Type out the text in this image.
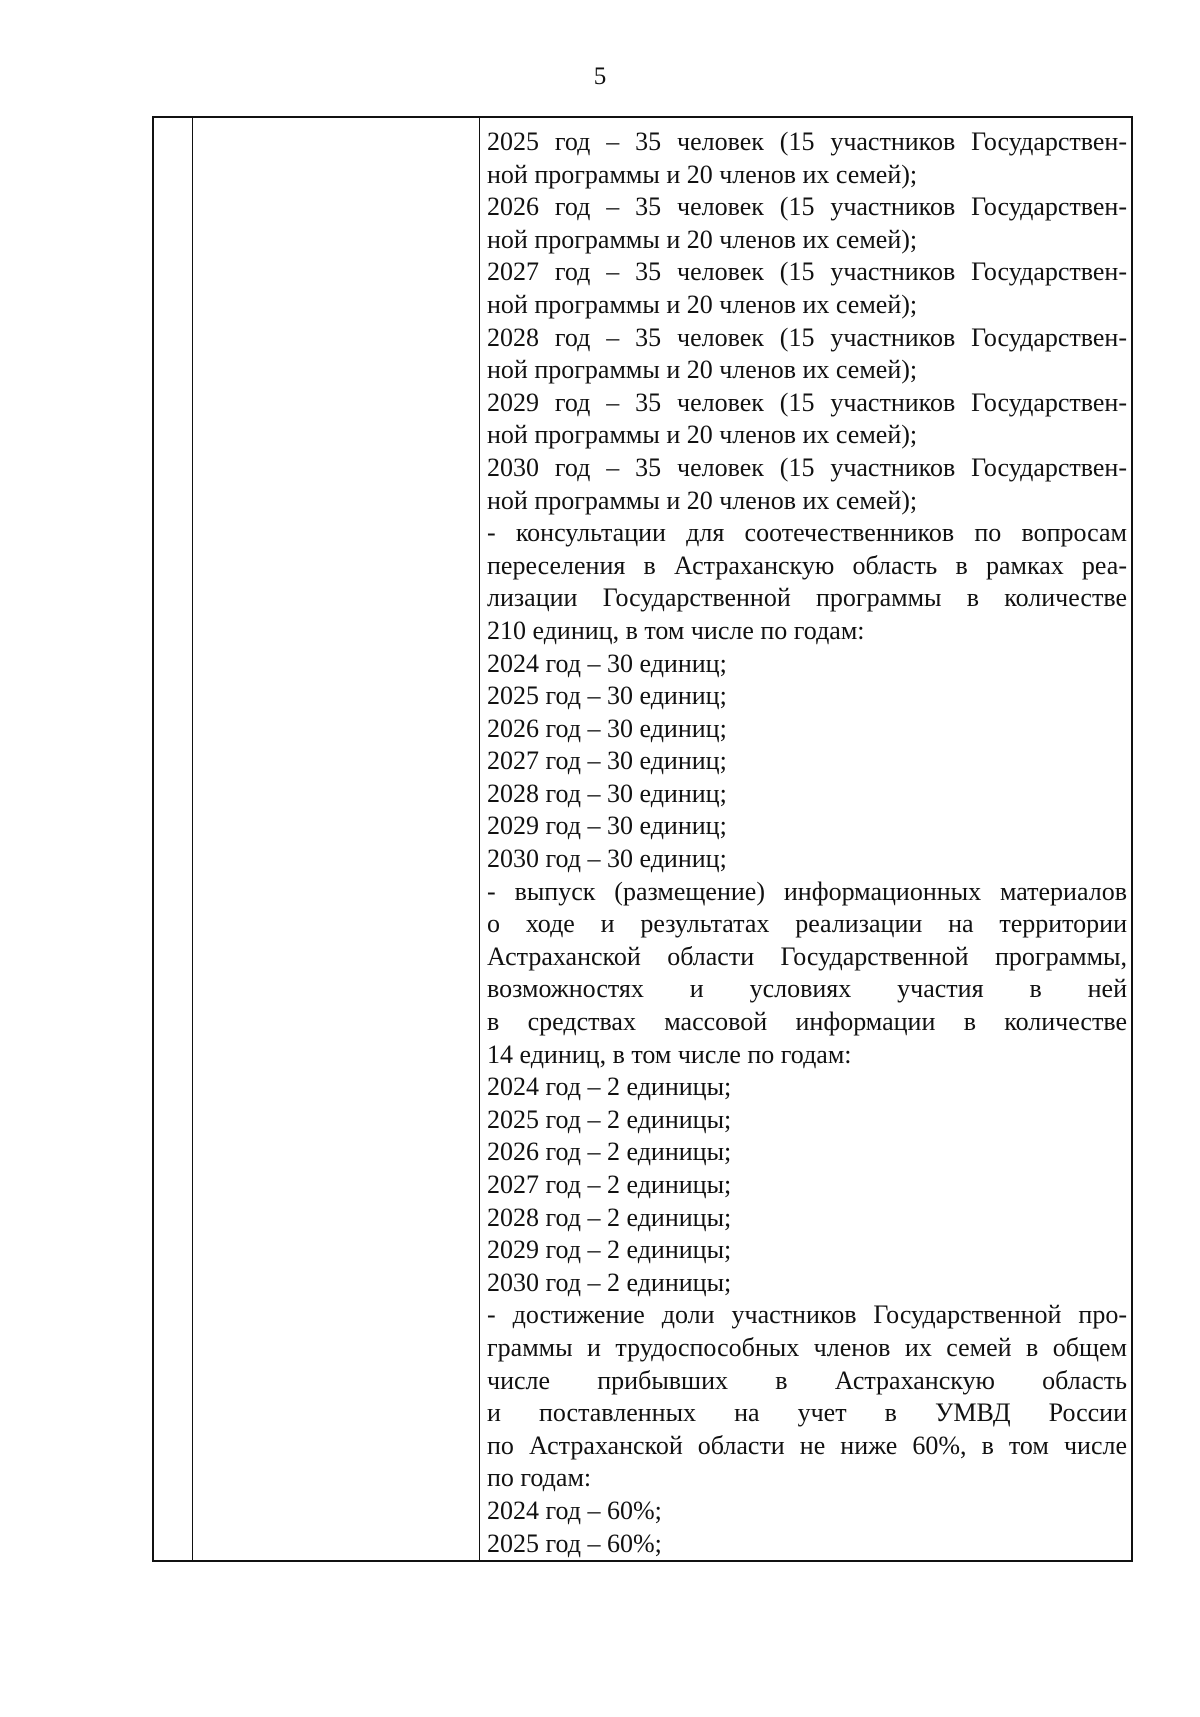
5
2025 год – 35 человек (15 участников Государствен-
ной программы и 20 членов их семей);
2026 год – 35 человек (15 участников Государствен-
ной программы и 20 членов их семей);
2027 год – 35 человек (15 участников Государствен-
ной программы и 20 членов их семей);
2028 год – 35 человек (15 участников Государствен-
ной программы и 20 членов их семей);
2029 год – 35 человек (15 участников Государствен-
ной программы и 20 членов их семей);
2030 год – 35 человек (15 участников Государствен-
ной программы и 20 членов их семей);
- консультации для соотечественников по вопросам
переселения в Астраханскую область в рамках реа-
лизации Государственной программы в количестве
210 единиц, в том числе по годам:
2024 год – 30 единиц;
2025 год – 30 единиц;
2026 год – 30 единиц;
2027 год – 30 единиц;
2028 год – 30 единиц;
2029 год – 30 единиц;
2030 год – 30 единиц;
- выпуск (размещение) информационных материалов
о ходе и результатах реализации на территории
Астраханской области Государственной программы,
возможностях и условиях участия в ней
в средствах массовой информации в количестве
14 единиц, в том числе по годам:
2024 год – 2 единицы;
2025 год – 2 единицы;
2026 год – 2 единицы;
2027 год – 2 единицы;
2028 год – 2 единицы;
2029 год – 2 единицы;
2030 год – 2 единицы;
- достижение доли участников Государственной про-
граммы и трудоспособных членов их семей в общем
числе прибывших в Астраханскую область
и поставленных на учет в УМВД России
по Астраханской области не ниже 60%, в том числе
по годам:
2024 год – 60%;
2025 год – 60%;
